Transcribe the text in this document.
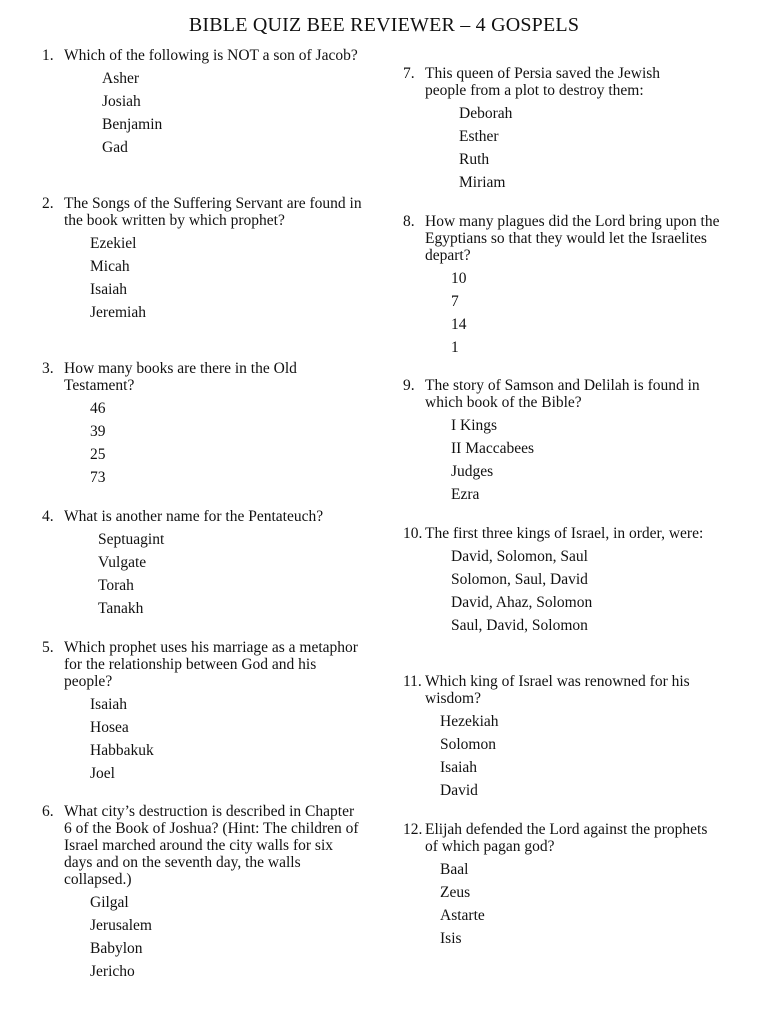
BIBLE QUIZ BEE REVIEWER – 4 GOSPELS
1. Which of the following is NOT a son of Jacob?

Asher
Josiah
Benjamin
Gad
2. The Songs of the Suffering Servant are found in the book written by which prophet?

Ezekiel
Micah
Isaiah
Jeremiah
3. How many books are there in the Old Testament?

46
39
25
73
4. What is another name for the Pentateuch?

Septuagint
Vulgate
Torah
Tanakh
5. Which prophet uses his marriage as a metaphor for the relationship between God and his people?

Isaiah
Hosea
Habbakuk
Joel
6. What city’s destruction is described in Chapter 6 of the Book of Joshua? (Hint: The children of Israel marched around the city walls for six days and on the seventh day, the walls collapsed.)

Gilgal
Jerusalem
Babylon
Jericho
7. This queen of Persia saved the Jewish people from a plot to destroy them:

Deborah
Esther
Ruth
Miriam
8. How many plagues did the Lord bring upon the Egyptians so that they would let the Israelites depart?

10
7
14
1
9. The story of Samson and Delilah is found in which book of the Bible?

I Kings
II Maccabees
Judges
Ezra
10. The first three kings of Israel, in order, were:

David, Solomon, Saul
Solomon, Saul, David
David, Ahaz, Solomon
Saul, David, Solomon
11. Which king of Israel was renowned for his wisdom?

Hezekiah
Solomon
Isaiah
David
12. Elijah defended the Lord against the prophets of which pagan god?

Baal
Zeus
Astarte
Isis
